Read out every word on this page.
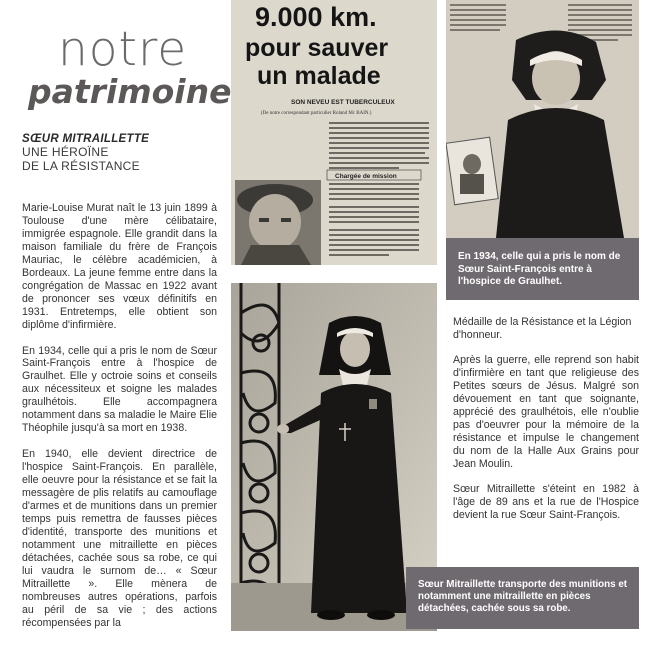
notre
patrimoine
SŒUR MITRAILLETTE
UNE HÉROÏNE
DE LA RÉSISTANCE

Marie-Louise Murat naît le 13 juin 1899 à Toulouse d'une mère célibataire, immigrée espagnole. Elle grandit dans la maison familiale du frère de François Mauriac, le célèbre académicien, à Bordeaux. La jeune femme entre dans la congrégation de Massac en 1922 avant de prononcer ses vœux définitifs en 1931. Entretemps, elle obtient son diplôme d'infirmière.

En 1934, celle qui a pris le nom de Sœur Saint-François entre à l'hospice de Graulhet. Elle y octroie soins et conseils aux nécessiteux et soigne les malades graulhétois. Elle accompagnera notamment dans sa maladie le Maire Elie Théophile jusqu'à sa mort en 1938.

En 1940, elle devient directrice de l'hospice Saint-François. En parallèle, elle oeuvre pour la résistance et se fait la messagère de plis relatifs au camouflage d'armes et de munitions dans un premier temps puis remettra de fausses pièces d'identité, transporte des munitions et notamment une mitraillette en pièces détachées, cachée sous sa robe, ce qui lui vaudra le surnom de… « Sœur Mitraillette ». Elle mènera de nombreuses autres opérations, parfois au péril de sa vie ; des actions récompensées par la

9.000 km.
pour sauver
un malade
SON NEVEU EST TUBERCULEUX
(De notre correspondant particulier Roland Mc BAIN.)
Chargée de mission
En 1934, celle qui a pris le nom de Sœur Saint-François entre à l'hospice de Graulhet.

Médaille de la Résistance et la Légion d'honneur.

Après la guerre, elle reprend son habit d'infirmière en tant que religieuse des Petites sœurs de Jésus. Malgré son dévouement en tant que soignante, apprécié des graulhétois, elle n'oublie pas d'oeuvrer pour la mémoire de la résistance et impulse le changement du nom de la Halle Aux Grains pour Jean Moulin.

Sœur Mitraillette s'éteint en 1982 à l'âge de 89 ans et la rue de l'Hospice devient la rue Sœur Saint-François.

Sœur Mitraillette transporte des munitions et notamment une mitraillette en pièces détachées, cachée sous sa robe.
